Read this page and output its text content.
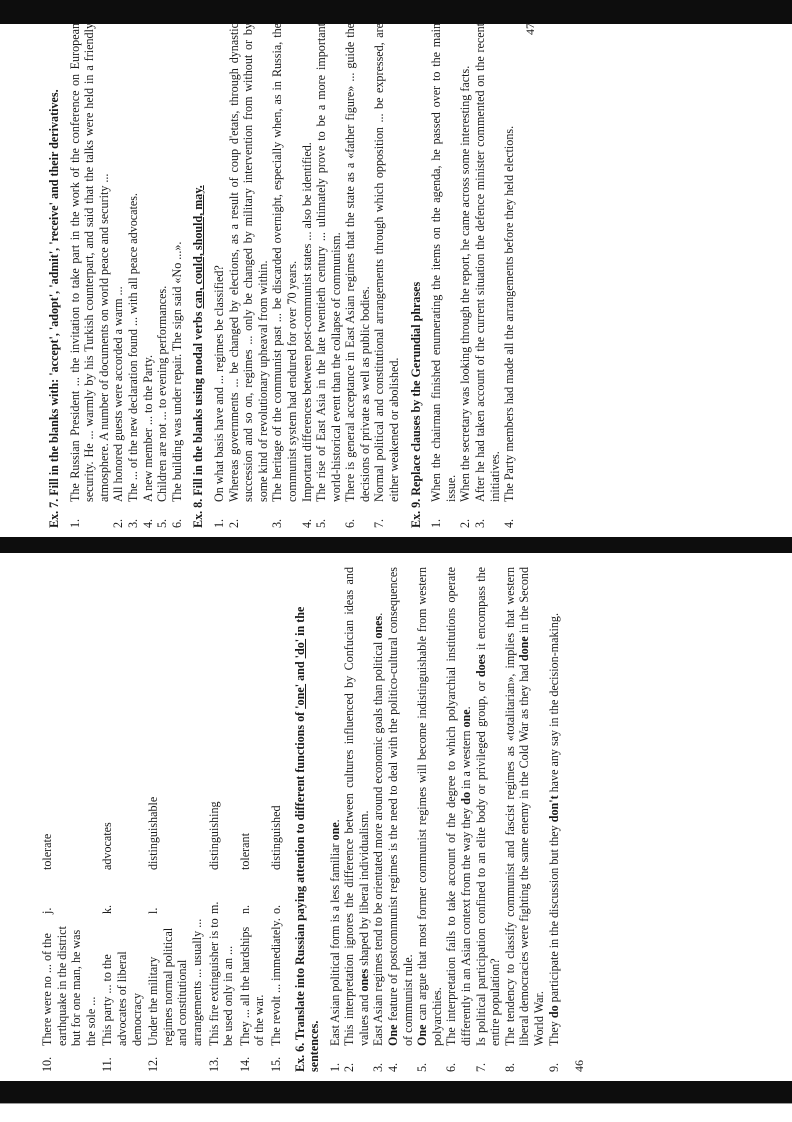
10.
There were no ... of the earthquake in the district but for one man, he was the sole ...
j.
tolerate
11.
This party ... to the advocates of liberal democracy
k.
advocates
12.
Under the military regimes normal political and constitutional arrangements ... usually ...
l.
distinguishable
13.
This fire extinguisher is to be used only in an ...
m.
distinguishing
14.
They ... all the hardships of the war.
n.
tolerant
15.
The revolt ... immediately.
o.
distinguished Ex. 6. Translate into Russian paying attention to different functions of 'one' and 'do' in the sentences. 1.
East Asian political form is a less familiar one.
2.
This interpretation ignores the difference between cultures influenced by Confucian ideas and values and ones shaped by liberal individualism.
3.
East Asian regimes tend to be orientated more around economic goals than political ones.
4.
One feature of postcommunist regimes is the need to deal with the politico-cultural consequences of communist rule.
5.
One can argue that most former communist regimes will become indistinguishable from western polyarchies.
6.
The interpretation fails to take account of the degree to which polyarchial institutions operate differently in an Asian context from the way they do in a western one.
7.
Is political participation confined to an elite body or privileged group, or does it encompass the entire population?
8.
The tendency to classify communist and fascist regimes as «totalitarian», implies that western liberal democracies were fighting the same enemy in the Cold War as they had done in the Second World War.
9.
They do participate in the discussion but they don't have any say in the decision-making.
46
Ex. 7. Fill in the blanks with: 'accept', 'adopt', 'admit', 'receive' and their derivatives. 1.
The Russian President ... the invitation to take part in the work of the conference on European security. He ... warmly by his Turkish counterpart, and said that the talks were held in a friendly atmosphere. A number of documents on world peace and security ...
2.
All honored guests were accorded a warm ...
3.
The ... of the new declaration found ... with all peace advocates.
4.
A new member ... to the Party.
5.
Children are not ... to evening performances.
6.
The building was under repair. The sign said «No ...». Ex. 8. Fill in the blanks using modal verbs can, could, should, may.
1.
On what basis have and ... regimes be classified?
2.
Whereas governments ... be changed by elections, as a result of coup d'etats, through dynastic succession and so on, regimes ... only be changed by military intervention from without or by some kind of revolutionary upheaval from within.
3.
The heritage of the communist past ... be discarded overnight, especially when, as in Russia, the communist system had endured for over 70 years.
4.
Important differences between post-communist states ... also be identified.
5.
The rise of East Asia in the late twentieth century ... ultimately prove to be a more important world-historical event than the collapse of communism.
6.
There is general acceptance in East Asian regimes that the state as a «father figure» ... guide the decisions of private as well as public bodies.
7.
Normal political and constitutional arrangements through which opposition ... be expressed, are either weakened or abolished. Ex. 9. Replace clauses by the Gerundial phrases 1.
When the chairman finished enumerating the items on the agenda, he passed over to the main issue.
2.
When the secretary was looking through the report, he came across some interesting facts.
3.
After he had taken account of the current situation the defence minister commented on the recent initiatives.
4.
The Party members had made all the arrangements before they held elections.
47
